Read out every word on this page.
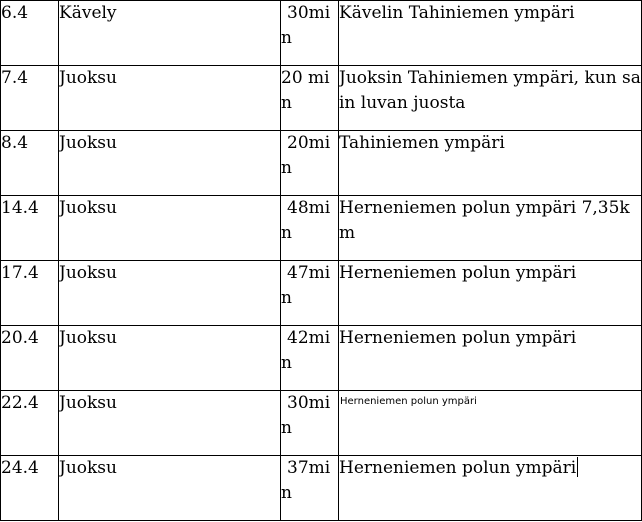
6.4	Kävely	30min	Kävelin Tahiniemen ympäri
7.4	Juoksu	20 min	Juoksin Tahiniemen ympäri, kun sain luvan juosta
8.4	Juoksu	20min	Tahiniemen ympäri
14.4	Juoksu	48min	Herneniemen polun ympäri 7,35km
17.4	Juoksu	47min	Herneniemen polun ympäri
20.4	Juoksu	42min	Herneniemen polun ympäri
22.4	Juoksu	30min	Herneniemen polun ympäri
24.4	Juoksu	37min	Herneniemen polun ympäri
